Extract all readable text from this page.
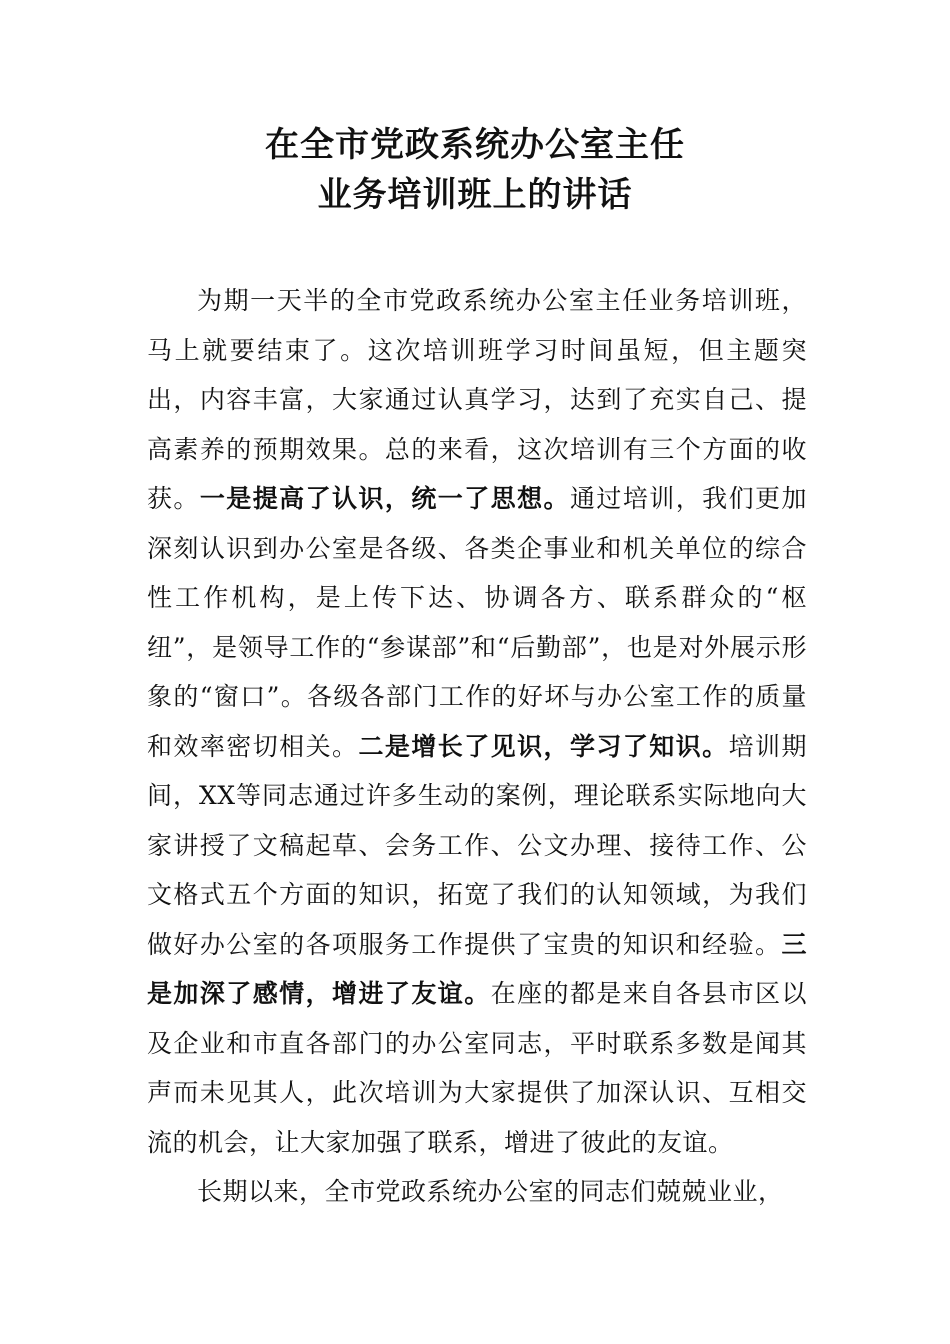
在全市党政系统办公室主任
业务培训班上的讲话

为期一天半的全市党政系统办公室主任业务培训班，马上就要结束了。这次培训班学习时间虽短，但主题突出，内容丰富，大家通过认真学习，达到了充实自己、提高素养的预期效果。总的来看，这次培训有三个方面的收获。一是提高了认识，统一了思想。通过培训，我们更加深刻认识到办公室是各级、各类企事业和机关单位的综合性工作机构，是上传下达、协调各方、联系群众的“枢纽”，是领导工作的“参谋部”和“后勤部”，也是对外展示形象的“窗口”。各级各部门工作的好坏与办公室工作的质量和效率密切相关。二是增长了见识，学习了知识。培训期间，XX等同志通过许多生动的案例，理论联系实际地向大家讲授了文稿起草、会务工作、公文办理、接待工作、公文格式五个方面的知识，拓宽了我们的认知领域，为我们做好办公室的各项服务工作提供了宝贵的知识和经验。三是加深了感情，增进了友谊。在座的都是来自各县市区以及企业和市直各部门的办公室同志，平时联系多数是闻其声而未见其人，此次培训为大家提供了加深认识、互相交流的机会，让大家加强了联系，增进了彼此的友谊。

长期以来，全市党政系统办公室的同志们兢兢业业，
